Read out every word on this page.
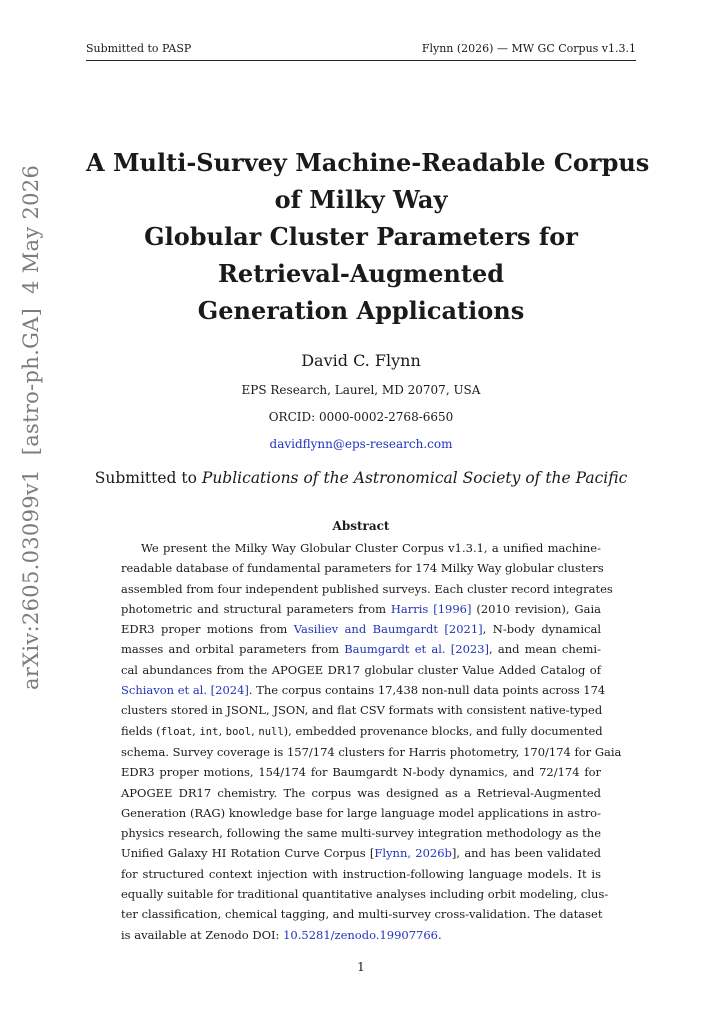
Submitted to PASP	Flynn (2026) — MW GC Corpus v1.3.1
arXiv:2605.03099v1[astro-ph.GA]4 May 2026
A Multi-Survey Machine-Readable Corpus
of Milky Way
Globular Cluster Parameters for
Retrieval-Augmented
Generation Applications
David C. Flynn
EPS Research, Laurel, MD 20707, USA
ORCID: 0000-0002-2768-6650
davidflynn@eps-research.com
Submitted to Publications of the Astronomical Society of the Pacific
Abstract
We present the Milky Way Globular Cluster Corpus v1.3.1, a unified machine-
readable database of fundamental parameters for 174 Milky Way globular clusters
assembled from four independent published surveys. Each cluster record integrates
photometric and structural parameters from Harris [1996] (2010 revision), Gaia
EDR3 proper motions from Vasiliev and Baumgardt [2021], N-body dynamical
masses and orbital parameters from Baumgardt et al. [2023], and mean chemi-
cal abundances from the APOGEE DR17 globular cluster Value Added Catalog of
Schiavon et al. [2024]. The corpus contains 17,438 non-null data points across 174
clusters stored in JSONL, JSON, and flat CSV formats with consistent native-typed
fields (float, int, bool, null), embedded provenance blocks, and fully documented
schema. Survey coverage is 157/174 clusters for Harris photometry, 170/174 for Gaia
EDR3 proper motions, 154/174 for Baumgardt N-body dynamics, and 72/174 for
APOGEE DR17 chemistry. The corpus was designed as a Retrieval-Augmented
Generation (RAG) knowledge base for large language model applications in astro-
physics research, following the same multi-survey integration methodology as the
Unified Galaxy HI Rotation Curve Corpus [Flynn, 2026b], and has been validated
for structured context injection with instruction-following language models. It is
equally suitable for traditional quantitative analyses including orbit modeling, clus-
ter classification, chemical tagging, and multi-survey cross-validation. The dataset
is available at Zenodo DOI: 10.5281/zenodo.19907766.
1
